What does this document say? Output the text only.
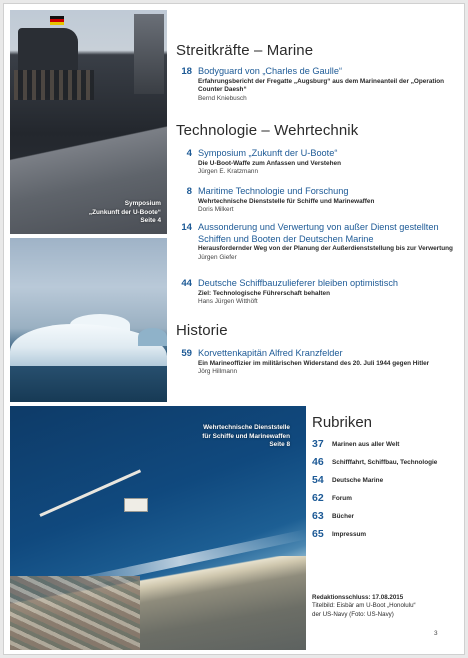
Symposium
„Zunkunft der U-Boote“
Seite 4
Wehrtechnische Dienststelle
für Schiffe und Marinewaffen
Seite 8
Streitkräfte – Marine
18 Bodyguard von „Charles de Gaulle“
Erfahrungsbericht der Fregatte „Augsburg“ aus dem Marineanteil der „Operation Counter Daesh“
Bernd Kniebusch
Technologie – Wehrtechnik
4 Symposium „Zukunft der U-Boote“
Die U-Boot-Waffe zum Anfassen und Verstehen
Jürgen E. Kratzmann
8 Maritime Technologie und Forschung
Wehrtechnische Dienststelle für Schiffe und Marinewaffen
Doris Milkert
14 Aussonderung und Verwertung von außer Dienst gestellten Schiffen und Booten der Deutschen Marine
Herausfordernder Weg von der Planung der Außerdienststellung bis zur Verwertung
Jürgen Giefer
44 Deutsche Schiffbauzulieferer bleiben optimistisch
Ziel: Technologische Führerschaft behalten
Hans Jürgen Witthöft
Historie
59 Korvettenkapitän Alfred Kranzfelder
Ein Marineoffizier im militärischen Widerstand des 20. Juli 1944 gegen Hitler
Jörg Hillmann
Rubriken
37 Marinen aus aller Welt
46 Schifffahrt, Schiffbau, Technologie
54 Deutsche Marine
62 Forum
63 Bücher
65 Impressum
Redaktionsschluss: 17.08.2015
Titelbild: Eisbär am U-Boot „Honolulu“
der US-Navy (Foto: US-Navy)
3
